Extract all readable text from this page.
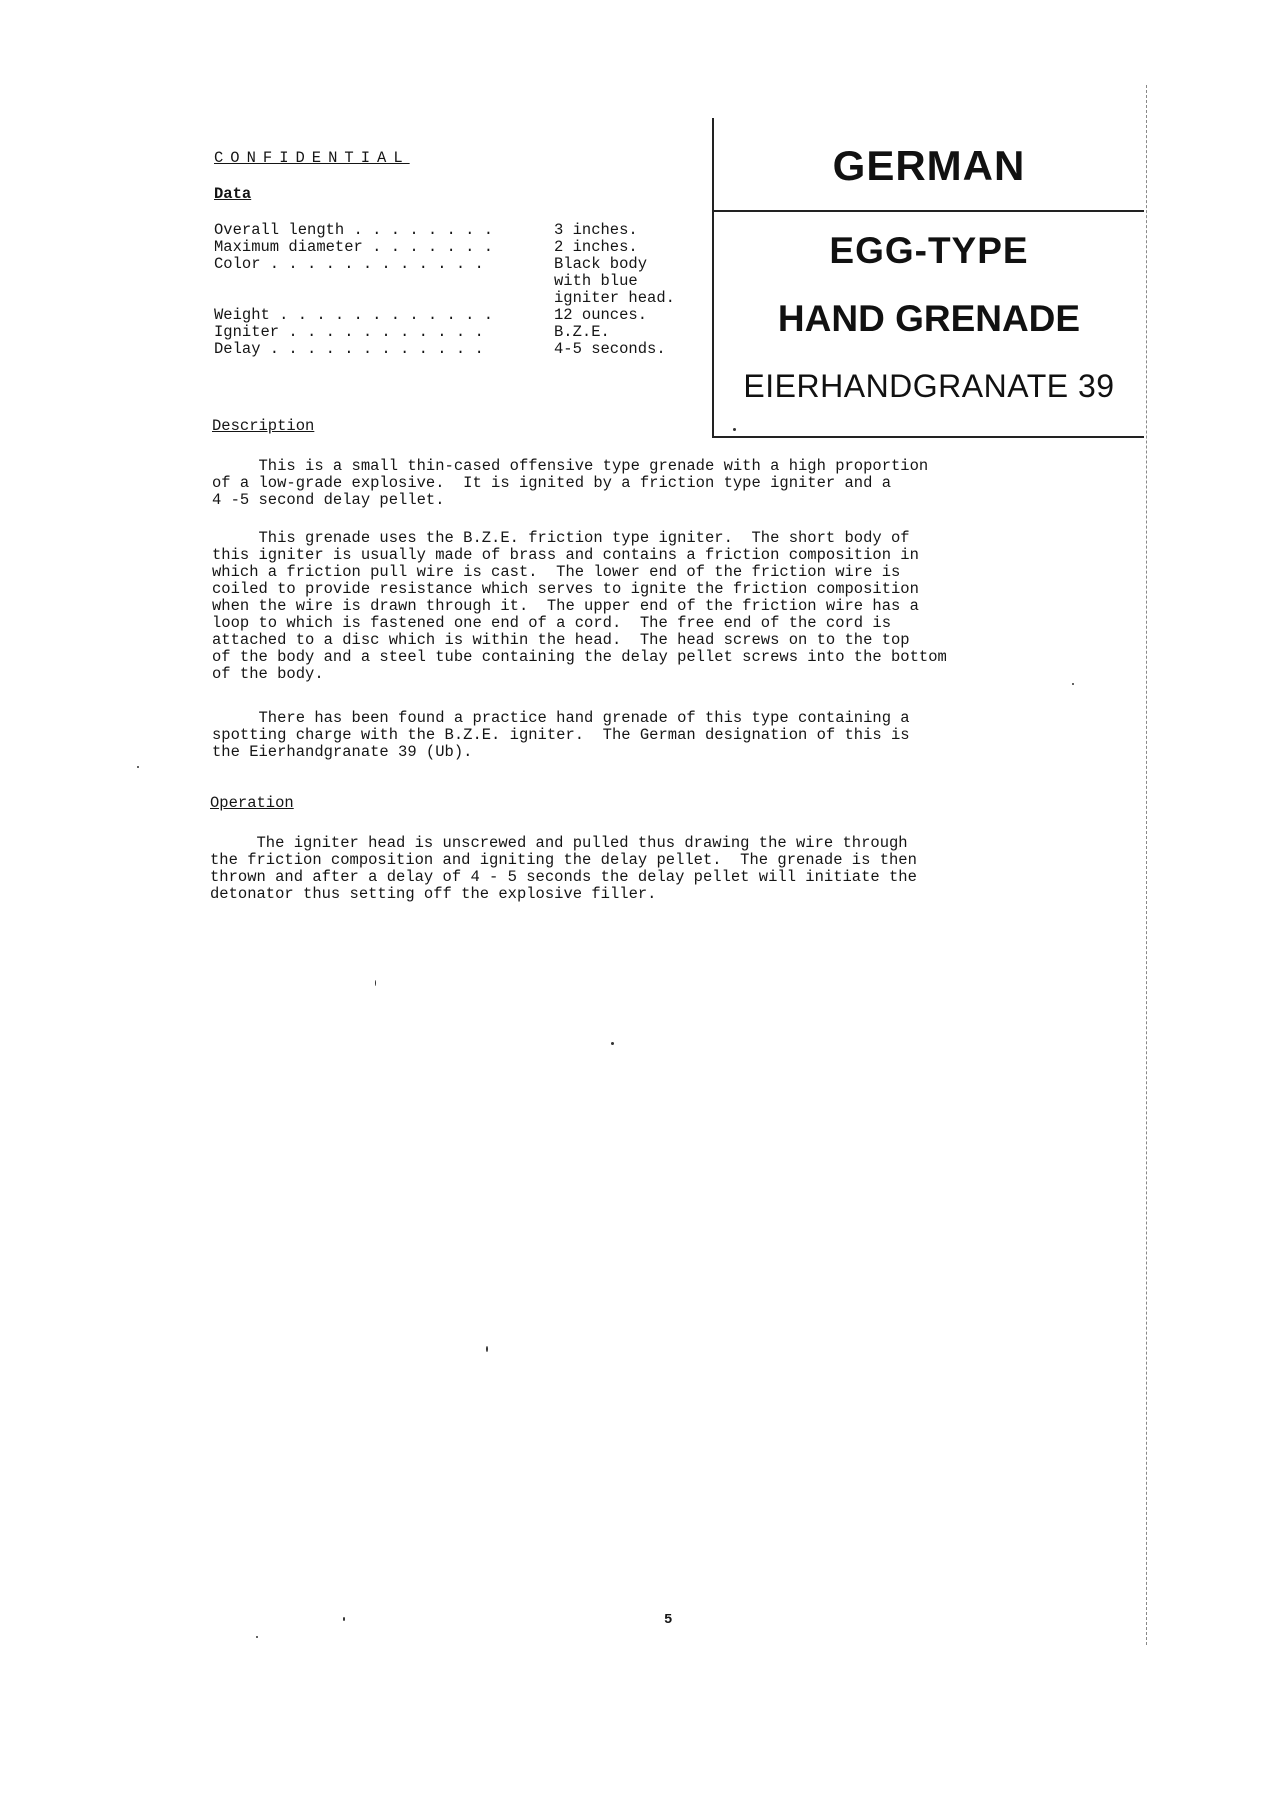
CONFIDENTIAL
Data
Overall length . . . . . . . .	3 inches.
Maximum diameter . . . . . . .	2 inches.
Color . . . . . . . . . . . .	Black body
	with blue
	igniter head.
Weight . . . . . . . . . . . .	12 ounces.
Igniter . . . . . . . . . . .	B.Z.E.
Delay . . . . . . . . . . . .	4-5 seconds.
GERMAN
EGG-TYPE
HAND GRENADE
EIERHANDGRANATE 39
Description
This is a small thin-cased offensive type grenade with a high proportion
of a low-grade explosive.  It is ignited by a friction type igniter and a
4 -5 second delay pellet.
This grenade uses the B.Z.E. friction type igniter.  The short body of
this igniter is usually made of brass and contains a friction composition in
which a friction pull wire is cast.  The lower end of the friction wire is
coiled to provide resistance which serves to ignite the friction composition
when the wire is drawn through it.  The upper end of the friction wire has a
loop to which is fastened one end of a cord.  The free end of the cord is
attached to a disc which is within the head.  The head screws on to the top
of the body and a steel tube containing the delay pellet screws into the bottom
of the body.
There has been found a practice hand grenade of this type containing a
spotting charge with the B.Z.E. igniter.  The German designation of this is
the Eierhandgranate 39 (Ub).
Operation
The igniter head is unscrewed and pulled thus drawing the wire through
the friction composition and igniting the delay pellet.  The grenade is then
thrown and after a delay of 4 - 5 seconds the delay pellet will initiate the
detonator thus setting off the explosive filler.
5
